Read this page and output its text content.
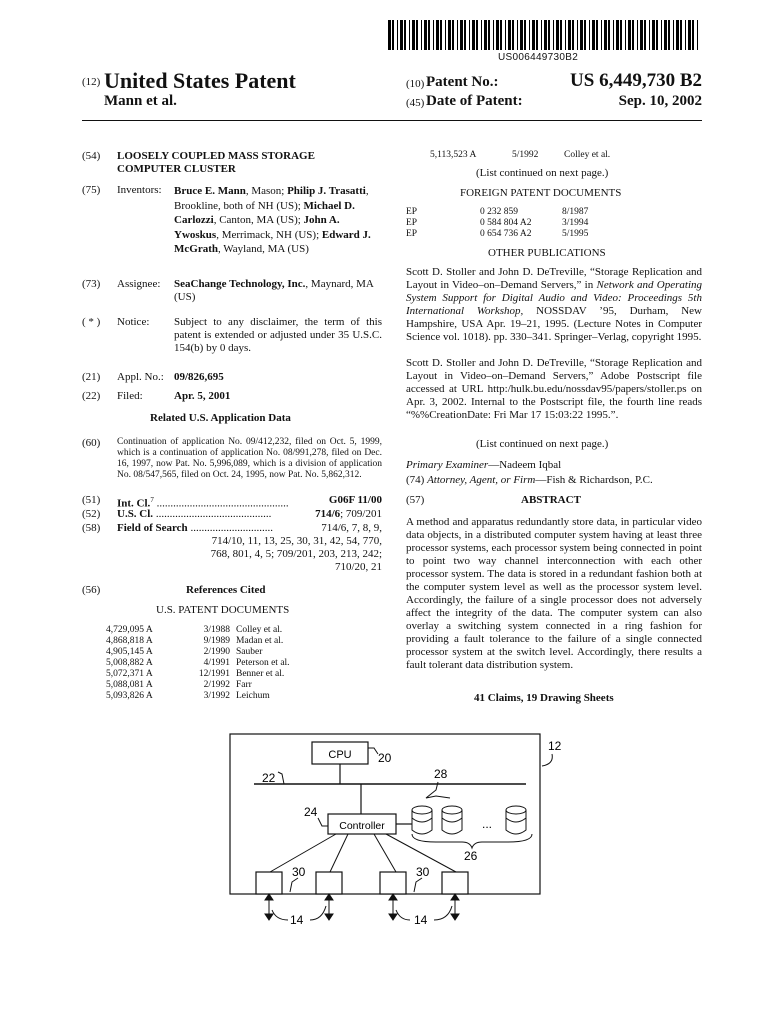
US006449730B2
(12) United States Patent
Mann et al.
(10) Patent No.:	US 6,449,730 B2
(45) Date of Patent:	Sep. 10, 2002
(54) LOOSELY COUPLED MASS STORAGE COMPUTER CLUSTER
(75) Inventors: Bruce E. Mann, Mason; Philip J. Trasatti, Brookline, both of NH (US); Michael D. Carlozzi, Canton, MA (US); John A. Ywoskus, Merrimack, NH (US); Edward J. McGrath, Wayland, MA (US)
(73) Assignee: SeaChange Technology, Inc., Maynard, MA (US)
( * ) Notice: Subject to any disclaimer, the term of this patent is extended or adjusted under 35 U.S.C. 154(b) by 0 days.
(21) Appl. No.: 09/826,695
(22) Filed:	Apr. 5, 2001
Related U.S. Application Data
(60) Continuation of application No. 09/412,232, filed on Oct. 5, 1999, which is a continuation of application No. 08/991,278, filed on Dec. 16, 1997, now Pat. No. 5,996,089, which is a division of application No. 08/547,565, filed on Oct. 24, 1995, now Pat. No. 5,862,312.
(51) Int. Cl.$^7$ ................................................	G06F 11/00
(52) U.S. Cl. ..........................................	714/6; 709/201
(58) Field of Search ..............................	714/6, 7, 8, 9,
714/10, 11, 13, 25, 30, 31, 42, 54, 770,
768, 801, 4, 5; 709/201, 203, 213, 242;
710/20, 21
(56)	References Cited
U.S. PATENT DOCUMENTS
4,729,095 A	3/1988	Colley et al.
4,868,818 A	9/1989	Madan et al.
4,905,145 A	2/1990	Sauber
5,008,882 A	4/1991	Peterson et al.
5,072,371 A	12/1991	Benner et al.
5,088,081 A	2/1992	Farr
5,093,826 A	3/1992	Leichum
5,113,523 A	5/1992	Colley et al.
(List continued on next page.)
FOREIGN PATENT DOCUMENTS
EP	0 232 859	8/1987
EP	0 584 804 A2	3/1994
EP	0 654 736 A2	5/1995
OTHER PUBLICATIONS
Scott D. Stoller and John D. DeTreville, “Storage Replication and Layout in Video–on–Demand Servers,” in Network and Operating System Support for Digital Audio and Video: Proceedings 5th International Workshop, NOSSDAV ’95, Durham, New Hampshire, USA Apr. 19–21, 1995. (Lecture Notes in Computer Science vol. 1018). pp. 330–341. Springer–Verlag, copyright 1995.
Scott D. Stoller and John D. DeTreville, “Storage Replication and Layout in Video–on–Demand Servers,” Adobe Postscript file accessed at URL http:/hulk.bu.edu/nossdav95/papers/stoller.ps on Apr. 3, 2002. Internal to the Postscript file, the fourth line reads “%%CreationDate: Fri Mar 17 15:03:22 1995.”.
(List continued on next page.)
Primary Examiner—Nadeem Iqbal
(74) Attorney, Agent, or Firm—Fish & Richardson, P.C.
(57)	ABSTRACT
A method and apparatus redundantly store data, in particular video data objects, in a distributed computer system having at least three processor systems, each processor system being connected in point to point two way channel interconnection with each other processor system. The data is stored in a redundant fashion both at the computer system level as well as the processor system level. Accordingly, the failure of a single processor does not adversely affect the integrity of the data. The computer system can also overlay a switching system connected in a ring fashion for providing a fault tolerance to the failure of a single connected processor system at the switch level. Accordingly, there results a fault tolerant data distribution system.
41 Claims, 19 Drawing Sheets
CPU 20
22
Controller
24
28
...
26
30	30
14	14
12
